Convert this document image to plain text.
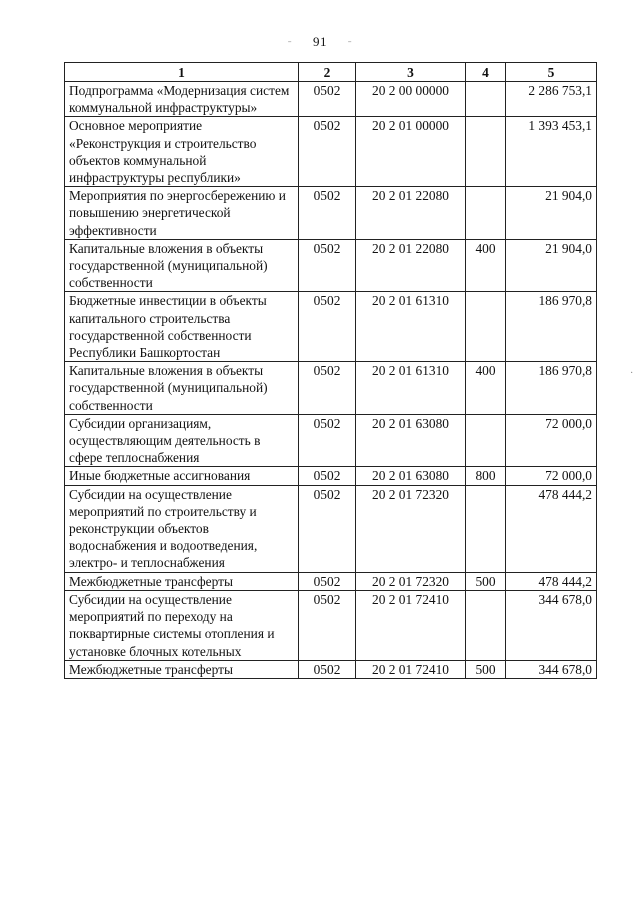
91
˗	˗
·
1	2	3	4	5
Подпрограмма «Модернизация систем коммунальной инфраструктуры»	0502	20 2 00 00000		2 286 753,1
Основное мероприятие «Реконструкция и строительство объектов коммунальной инфраструктуры республики»	0502	20 2 01 00000		1 393 453,1
Мероприятия по энергосбережению и повышению энергетической эффективности	0502	20 2 01 22080		21 904,0
Капитальные вложения в объекты государственной (муниципальной) собственности	0502	20 2 01 22080	400	21 904,0
Бюджетные инвестиции в объекты капитального строительства государственной собственности Республики Башкортостан	0502	20 2 01 61310		186 970,8
Капитальные вложения в объекты государственной (муниципальной) собственности	0502	20 2 01 61310	400	186 970,8
Субсидии организациям, осуществляющим деятельность в сфере теплоснабжения	0502	20 2 01 63080		72 000,0
Иные бюджетные ассигнования	0502	20 2 01 63080	800	72 000,0
Субсидии на осуществление мероприятий по строительству и реконструкции объектов водоснабжения и водоотведения, электро- и теплоснабжения	0502	20 2 01 72320		478 444,2
Межбюджетные трансферты	0502	20 2 01 72320	500	478 444,2
Субсидии на осуществление мероприятий по переходу на поквартирные системы отопления и установке блочных котельных	0502	20 2 01 72410		344 678,0
Межбюджетные трансферты	0502	20 2 01 72410	500	344 678,0
